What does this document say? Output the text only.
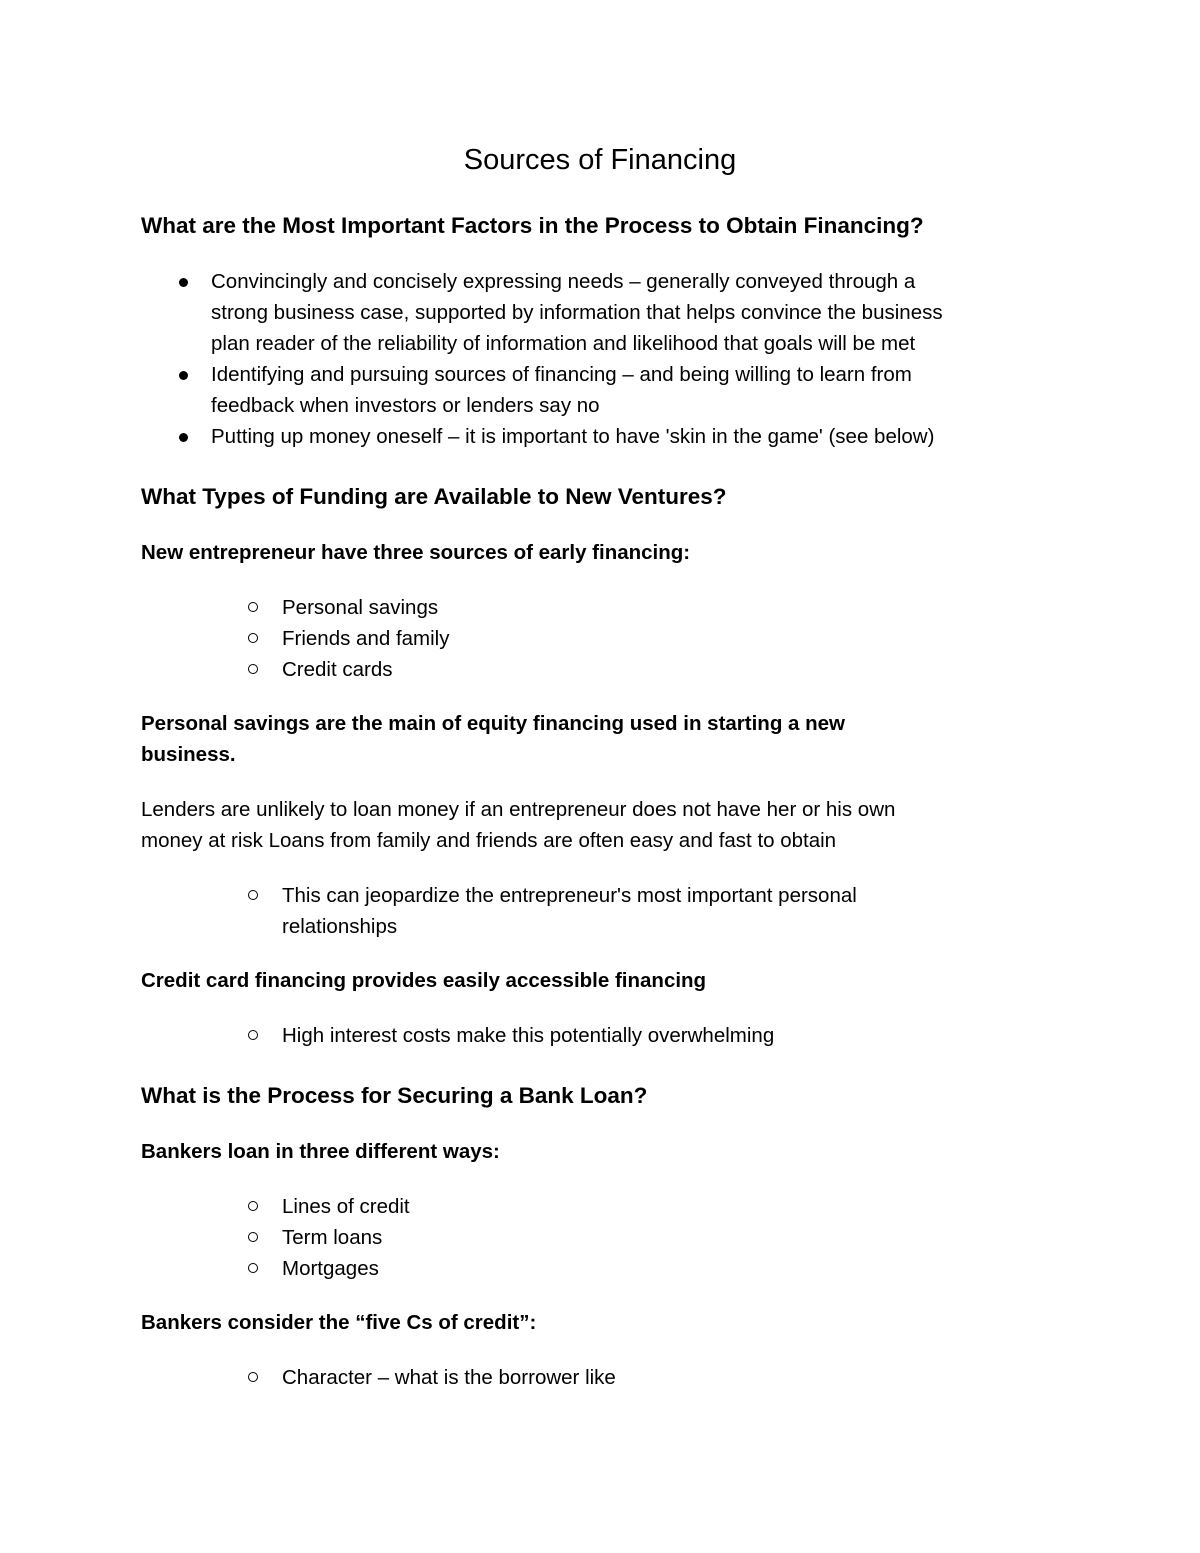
Sources of Financing
What are the Most Important Factors in the Process to Obtain Financing?
Convincingly and concisely expressing needs – generally conveyed through a
strong business case, supported by information that helps convince the business
plan reader of the reliability of information and likelihood that goals will be met
Identifying and pursuing sources of financing – and being willing to learn from
feedback when investors or lenders say no
Putting up money oneself – it is important to have 'skin in the game' (see below)
What Types of Funding are Available to New Ventures?
New entrepreneur have three sources of early financing:
Personal savings
Friends and family
Credit cards
Personal savings are the main of equity financing used in starting a new
business.
Lenders are unlikely to loan money if an entrepreneur does not have her or his own
money at risk Loans from family and friends are often easy and fast to obtain
This can jeopardize the entrepreneur's most important personal
relationships
Credit card financing provides easily accessible financing
High interest costs make this potentially overwhelming
What is the Process for Securing a Bank Loan?
Bankers loan in three different ways:
Lines of credit
Term loans
Mortgages
Bankers consider the “five Cs of credit”:
Character – what is the borrower like
